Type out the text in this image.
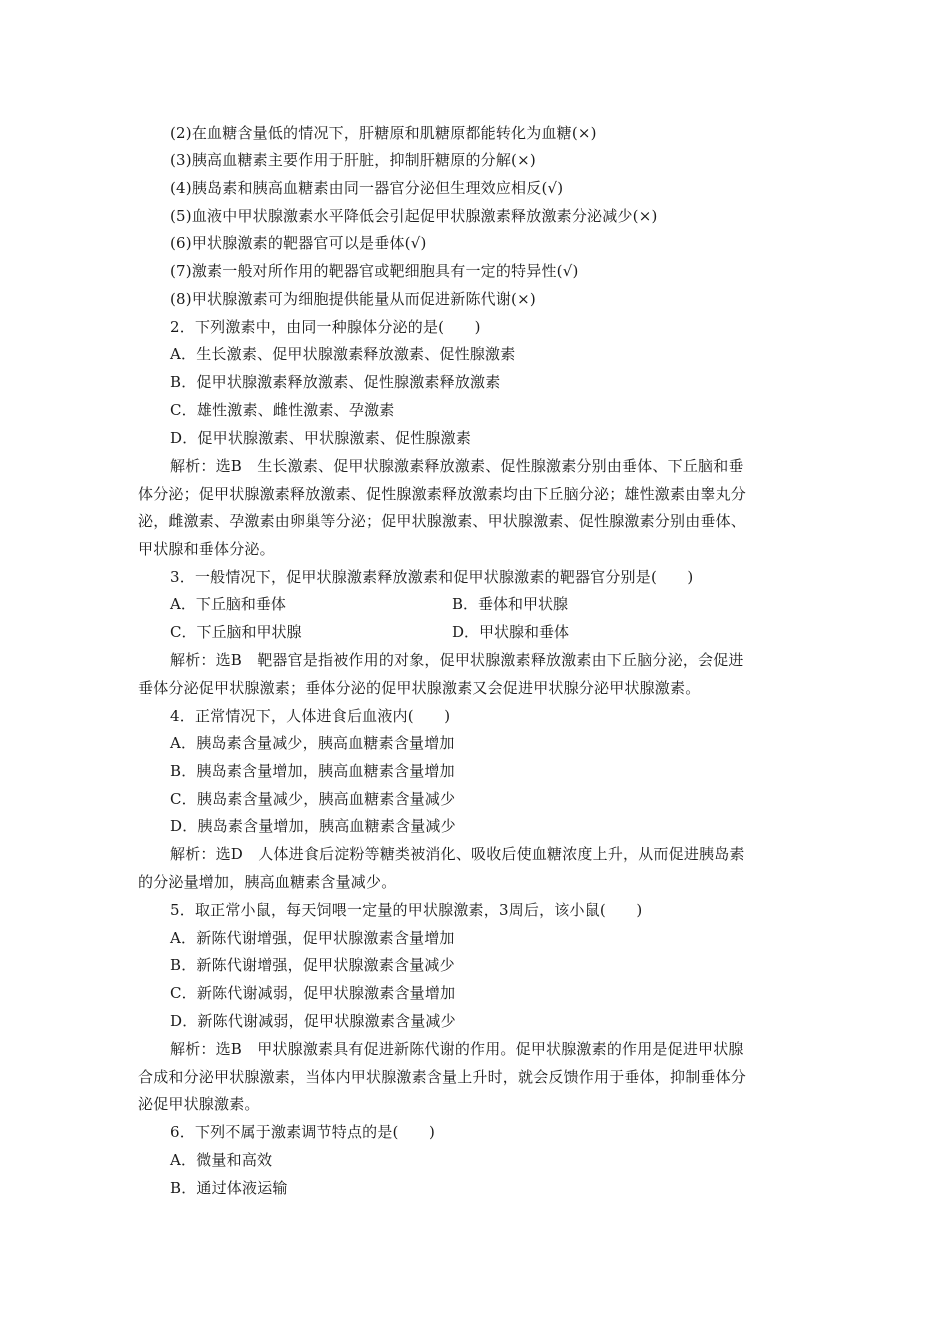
(2)在血糖含量低的情况下，肝糖原和肌糖原都能转化为血糖(×)
(3)胰高血糖素主要作用于肝脏，抑制肝糖原的分解(×)
(4)胰岛素和胰高血糖素由同一器官分泌但生理效应相反(√)
(5)血液中甲状腺激素水平降低会引起促甲状腺激素释放激素分泌减少(×)
(6)甲状腺激素的靶器官可以是垂体(√)
(7)激素一般对所作用的靶器官或靶细胞具有一定的特异性(√)
(8)甲状腺激素可为细胞提供能量从而促进新陈代谢(×)
2．下列激素中，由同一种腺体分泌的是(　　)
A．生长激素、促甲状腺激素释放激素、促性腺激素
B．促甲状腺激素释放激素、促性腺激素释放激素
C．雄性激素、雌性激素、孕激素
D．促甲状腺激素、甲状腺激素、促性腺激素
解析：选B　生长激素、促甲状腺激素释放激素、促性腺激素分别由垂体、下丘脑和垂
体分泌；促甲状腺激素释放激素、促性腺激素释放激素均由下丘脑分泌；雄性激素由睾丸分
泌，雌激素、孕激素由卵巢等分泌；促甲状腺激素、甲状腺激素、促性腺激素分别由垂体、
甲状腺和垂体分泌。
3．一般情况下，促甲状腺激素释放激素和促甲状腺激素的靶器官分别是(　　)
A．下丘脑和垂体	B．垂体和甲状腺
C．下丘脑和甲状腺	D．甲状腺和垂体
解析：选B　靶器官是指被作用的对象，促甲状腺激素释放激素由下丘脑分泌，会促进
垂体分泌促甲状腺激素；垂体分泌的促甲状腺激素又会促进甲状腺分泌甲状腺激素。
4．正常情况下，人体进食后血液内(　　)
A．胰岛素含量减少，胰高血糖素含量增加
B．胰岛素含量增加，胰高血糖素含量增加
C．胰岛素含量减少，胰高血糖素含量减少
D．胰岛素含量增加，胰高血糖素含量减少
解析：选D　人体进食后淀粉等糖类被消化、吸收后使血糖浓度上升，从而促进胰岛素
的分泌量增加，胰高血糖素含量减少。
5．取正常小鼠，每天饲喂一定量的甲状腺激素，3周后，该小鼠(　　)
A．新陈代谢增强，促甲状腺激素含量增加
B．新陈代谢增强，促甲状腺激素含量减少
C．新陈代谢减弱，促甲状腺激素含量增加
D．新陈代谢减弱，促甲状腺激素含量减少
解析：选B　甲状腺激素具有促进新陈代谢的作用。促甲状腺激素的作用是促进甲状腺
合成和分泌甲状腺激素，当体内甲状腺激素含量上升时，就会反馈作用于垂体，抑制垂体分
泌促甲状腺激素。
6．下列不属于激素调节特点的是(　　)
A．微量和高效
B．通过体液运输
